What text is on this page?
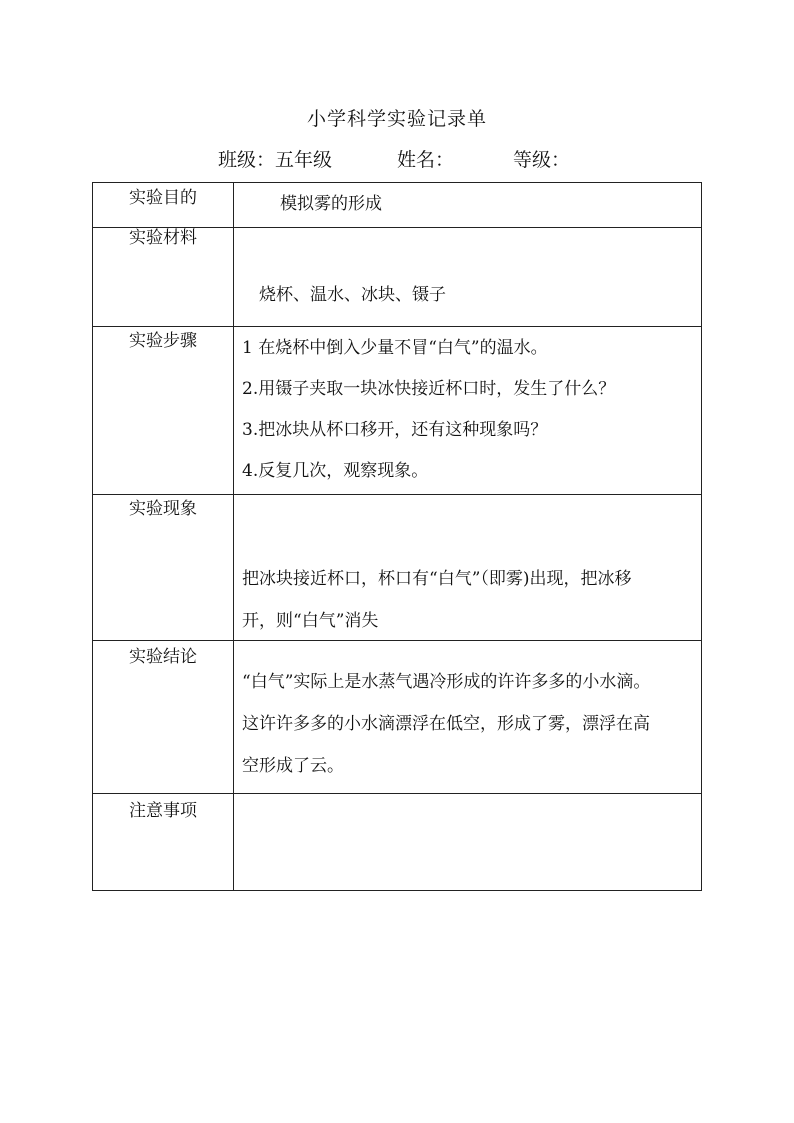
小学科学实验记录单
班级：五年级	姓名：	等级：
实验目的	模拟雾的形成

实验材料	烧杯、温水、冰块、镊子

实验步骤	1 在烧杯中倒入少量不冒“白气”的温水。

2.用镊子夹取一块冰快接近杯口时，发生了什么？

3.把冰块从杯口移开，还有这种现象吗？

4.反复几次，观察现象。

实验现象	把冰块接近杯口，杯口有“白气”（即雾)出现，把冰移

开，则“白气”消失

实验结论	“白气”实际上是水蒸气遇冷形成的许许多多的小水滴。

这许许多多的小水滴漂浮在低空，形成了雾，漂浮在高

空形成了云。

注意事项	
